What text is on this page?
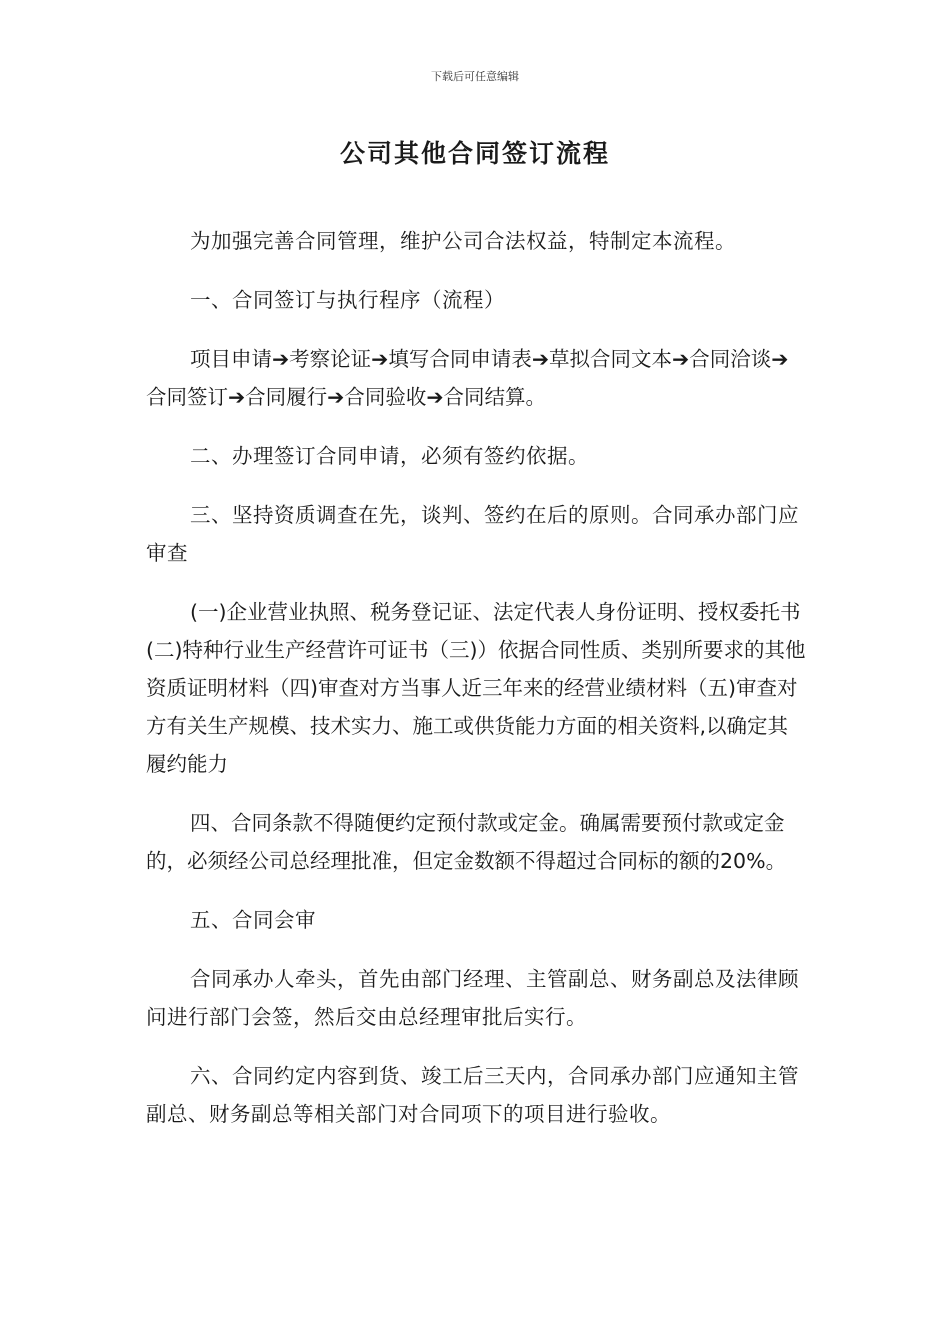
下载后可任意编辑
公司其他合同签订流程

为加强完善合同管理，维护公司合法权益，特制定本流程。

一、合同签订与执行程序（流程）

项目申请➔考察论证➔填写合同申请表➔草拟合同文本➔合同洽谈➔合同签订➔合同履行➔合同验收➔合同结算。

二、办理签订合同申请，必须有签约依据。

三、坚持资质调查在先，谈判、签约在后的原则。合同承办部门应审查

(一)企业营业执照、税务登记证、法定代表人身份证明、授权委托书(二)特种行业生产经营许可证书（三)）依据合同性质、类别所要求的其他资质证明材料（四)审查对方当事人近三年来的经营业绩材料（五)审查对方有关生产规模、技术实力、施工或供货能力方面的相关资料,以确定其履约能力

四、合同条款不得随便约定预付款或定金。确属需要预付款或定金的，必须经公司总经理批准，但定金数额不得超过合同标的额的20%。

五、合同会审

合同承办人牵头，首先由部门经理、主管副总、财务副总及法律顾问进行部门会签，然后交由总经理审批后实行。

六、合同约定内容到货、竣工后三天内，合同承办部门应通知主管副总、财务副总等相关部门对合同项下的项目进行验收。
